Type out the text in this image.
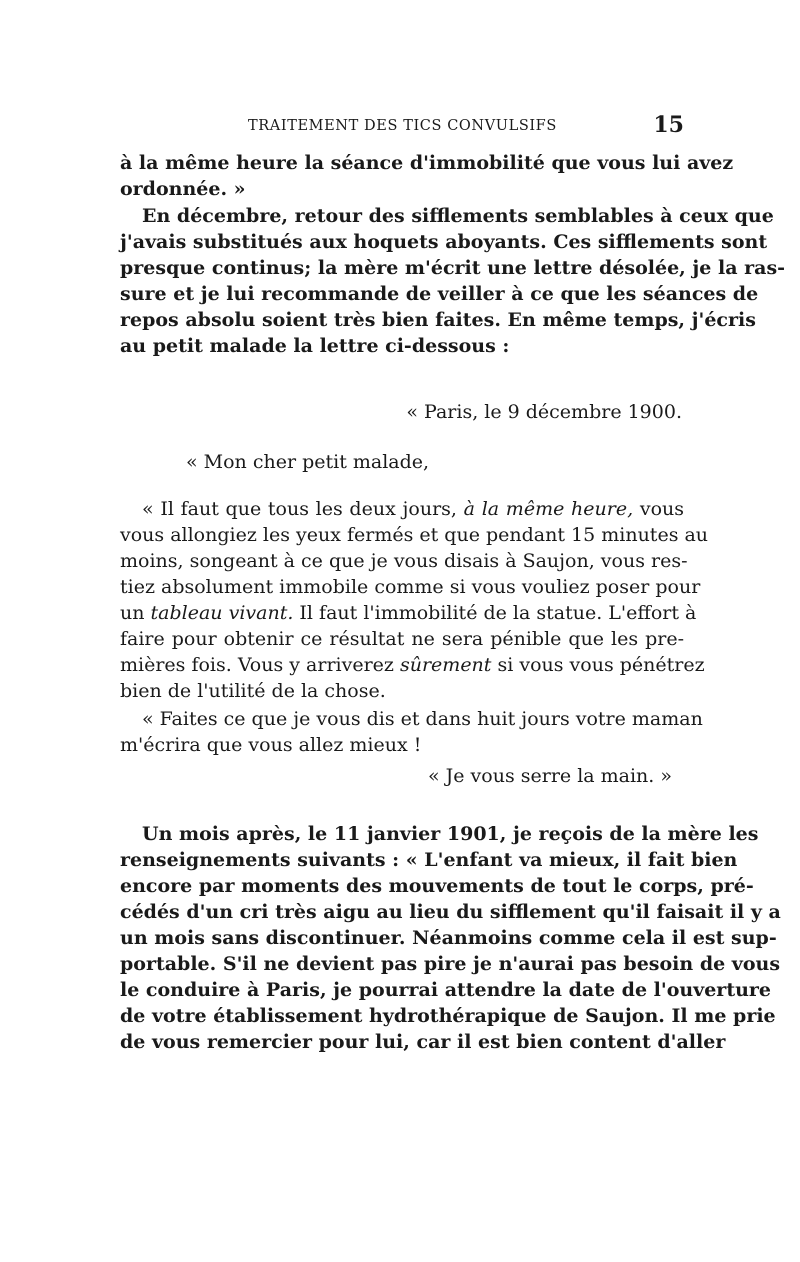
TRAITEMENT DES TICS CONVULSIFS	15
à la même heure la séance d'immobilité que vous lui avez
ordonnée. »
En décembre, retour des sifflements semblables à ceux que
j'avais substitués aux hoquets aboyants. Ces sifflements sont
presque continus; la mère m'écrit une lettre désolée, je la ras-
sure et je lui recommande de veiller à ce que les séances de
repos absolu soient très bien faites. En même temps, j'écris
au petit malade la lettre ci-dessous :
« Paris, le 9 décembre 1900.
« Mon cher petit malade,
« Il faut que tous les deux jours, à la même heure, vous
vous allongiez les yeux fermés et que pendant 15 minutes au
moins, songeant à ce que je vous disais à Saujon, vous res-
tiez absolument immobile comme si vous vouliez poser pour
un tableau vivant. Il faut l'immobilité de la statue. L'effort à
faire pour obtenir ce résultat ne sera pénible que les pre-
mières fois. Vous y arriverez sûrement si vous vous pénétrez
bien de l'utilité de la chose.
« Faites ce que je vous dis et dans huit jours votre maman
m'écrira que vous allez mieux !
« Je vous serre la main. »
Un mois après, le 11 janvier 1901, je reçois de la mère les
renseignements suivants : « L'enfant va mieux, il fait bien
encore par moments des mouvements de tout le corps, pré-
cédés d'un cri très aigu au lieu du sifflement qu'il faisait il y a
un mois sans discontinuer. Néanmoins comme cela il est sup-
portable. S'il ne devient pas pire je n'aurai pas besoin de vous
le conduire à Paris, je pourrai attendre la date de l'ouverture
de votre établissement hydrothérapique de Saujon. Il me prie
de vous remercier pour lui, car il est bien content d'aller
